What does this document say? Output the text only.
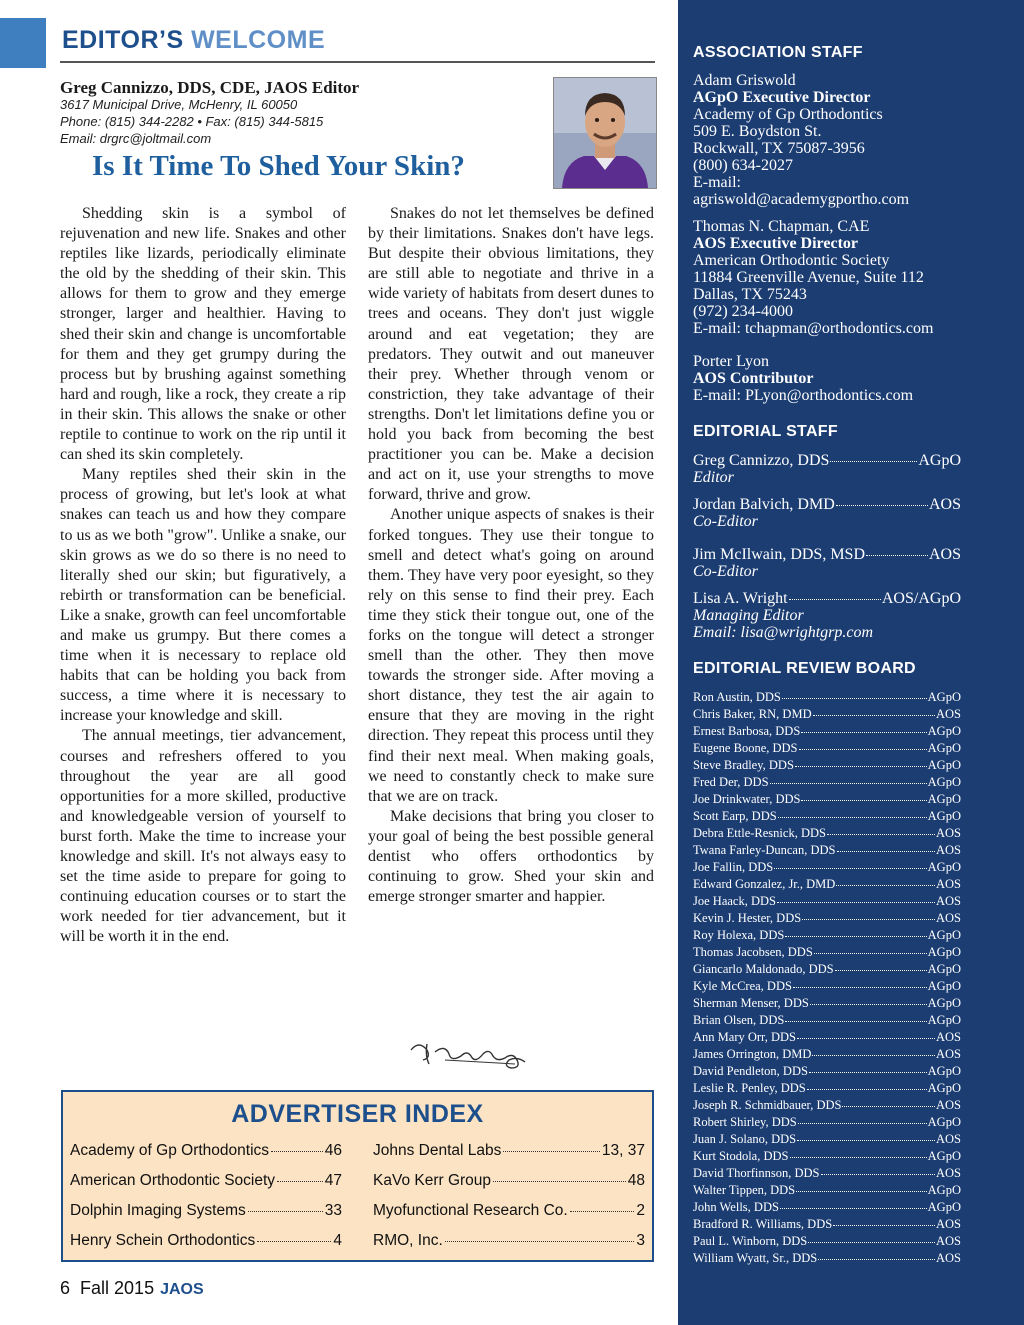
EDITOR’S WELCOME
Greg Cannizzo, DDS, CDE, JAOS Editor
3617 Municipal Drive, McHenry, IL 60050
Phone: (815) 344-2282 • Fax: (815) 344-5815
Email: drgrc@joltmail.com
Is It Time To Shed Your Skin?

Shedding skin is a symbol of rejuvenation and new life. Snakes and other reptiles like lizards, periodically eliminate the old by the shedding of their skin. This allows for them to grow and they emerge stronger, larger and healthier. Having to shed their skin and change is uncomfortable for them and they get grumpy during the process but by brushing against something hard and rough, like a rock, they create a rip in their skin. This allows the snake or other reptile to continue to work on the rip until it can shed its skin completely.

Many reptiles shed their skin in the process of growing, but let's look at what snakes can teach us and how they compare to us as we both "grow". Unlike a snake, our skin grows as we do so there is no need to literally shed our skin; but figuratively, a rebirth or transformation can be beneficial. Like a snake, growth can feel uncomfortable and make us grumpy. But there comes a time when it is necessary to replace old habits that can be holding you back from success, a time where it is necessary to increase your knowledge and skill.

The annual meetings, tier advancement, courses and refreshers offered to you throughout the year are all good opportunities for a more skilled, productive and knowledgeable version of yourself to burst forth. Make the time to increase your knowledge and skill. It's not always easy to set the time aside to prepare for going to continuing education courses or to start the work needed for tier advancement, but it will be worth it in the end.

Snakes do not let themselves be defined by their limitations. Snakes don't have legs. But despite their obvious limitations, they are still able to negotiate and thrive in a wide variety of habitats from desert dunes to trees and oceans. They don't just wiggle around and eat vegetation; they are predators. They outwit and out maneuver their prey. Whether through venom or constriction, they take advantage of their strengths. Don't let limitations define you or hold you back from becoming the best practitioner you can be. Make a decision and act on it, use your strengths to move forward, thrive and grow.

Another unique aspects of snakes is their forked tongues. They use their tongue to smell and detect what's going on around them. They have very poor eyesight, so they rely on this sense to find their prey. Each time they stick their tongue out, one of the forks on the tongue will detect a stronger smell than the other. They then move towards the stronger side. After moving a short distance, they test the air again to ensure that they are moving in the right direction. They repeat this process until they find their next meal. When making goals, we need to constantly check to make sure that we are on track.

Make decisions that bring you closer to your goal of being the best possible general dentist who offers orthodontics by continuing to grow. Shed your skin and emerge stronger smarter and happier.

ADVERTISER INDEX
Academy of Gp Orthodontics	46
American Orthodontic Society	47
Dolphin Imaging Systems	33
Henry Schein Orthodontics	4
Johns Dental Labs	13, 37
KaVo Kerr Group	48
Myofunctional Research Co.	2
RMO, Inc.	3
6 Fall 2015 JAOS
ASSOCIATION STAFF
Adam Griswold
AGpO Executive Director
Academy of Gp Orthodontics
509 E. Boydston St.
Rockwall, TX 75087-3956
(800) 634-2027
E-mail:
agriswold@academygportho.com
Thomas N. Chapman, CAE
AOS Executive Director
American Orthodontic Society
11884 Greenville Avenue, Suite 112
Dallas, TX 75243
(972) 234-4000
E-mail: tchapman@orthodontics.com
Porter Lyon
AOS Contributor
E-mail: PLyon@orthodontics.com
EDITORIAL STAFF
Greg Cannizzo, DDS	AGpO
Editor
Jordan Balvich, DMD	AOS
Co-Editor
Jim McIlwain, DDS, MSD	AOS
Co-Editor
Lisa A. Wright	AOS/AGpO
Managing Editor
Email: lisa@wrightgrp.com
EDITORIAL REVIEW BOARD
Ron Austin, DDS	AGpO
Chris Baker, RN, DMD	AOS
Ernest Barbosa, DDS	AGpO
Eugene Boone, DDS	AGpO
Steve Bradley, DDS	AGpO
Fred Der, DDS	AGpO
Joe Drinkwater, DDS	AGpO
Scott Earp, DDS	AGpO
Debra Ettle-Resnick, DDS	AOS
Twana Farley-Duncan, DDS	AOS
Joe Fallin, DDS	AGpO
Edward Gonzalez, Jr., DMD	AOS
Joe Haack, DDS	AOS
Kevin J. Hester, DDS	AOS
Roy Holexa, DDS	AGpO
Thomas Jacobsen, DDS	AGpO
Giancarlo Maldonado, DDS	AGpO
Kyle McCrea, DDS	AGpO
Sherman Menser, DDS	AGpO
Brian Olsen, DDS	AGpO
Ann Mary Orr, DDS	AOS
James Orrington, DMD	AOS
David Pendleton, DDS	AGpO
Leslie R. Penley, DDS	AGpO
Joseph R. Schmidbauer, DDS	AOS
Robert Shirley, DDS	AGpO
Juan J. Solano, DDS	AOS
Kurt Stodola, DDS	AGpO
David Thorfinnson, DDS	AOS
Walter Tippen, DDS	AGpO
John Wells, DDS	AGpO
Bradford R. Williams, DDS	AOS
Paul L. Winborn, DDS	AOS
William Wyatt, Sr., DDS	AOS
